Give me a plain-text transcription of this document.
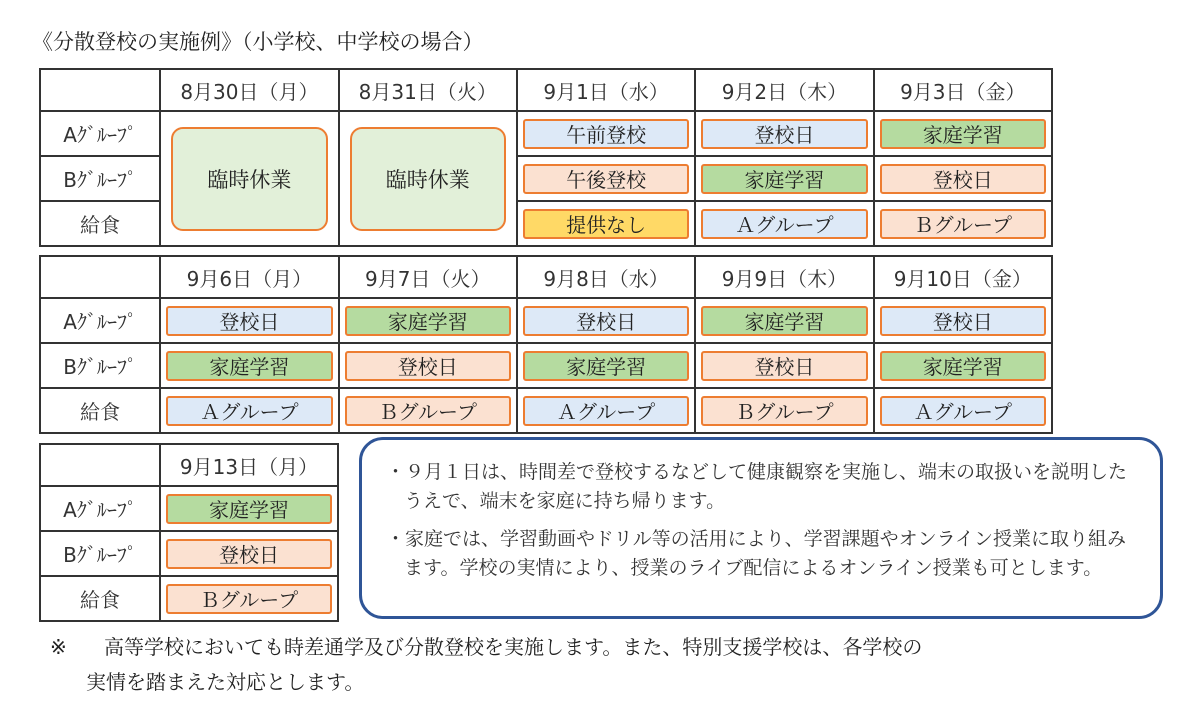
《分散登校の実施例》（小学校、中学校の場合）
	8月30日（月）	8月31日（火）	9月1日（水）	9月2日（木）	9月3日（金）
Aｸﾞﾙｰﾌﾟ	臨時休業	臨時休業	午前登校	登校日	家庭学習

Bｸﾞﾙｰﾌﾟ			午後登校	家庭学習	登校日

給食			提供なし	Ａグループ	Ｂグループ
	9月6日（月）	9月7日（火）	9月8日（水）	9月9日（木）	9月10日（金）
Aｸﾞﾙｰﾌﾟ	登校日	家庭学習	登校日	家庭学習	登校日

Bｸﾞﾙｰﾌﾟ	家庭学習	登校日	家庭学習	登校日	家庭学習

給食	Ａグループ	Ｂグループ	Ａグループ	Ｂグループ	Ａグループ
	9月13日（月）
Aｸﾞﾙｰﾌﾟ	家庭学習

Bｸﾞﾙｰﾌﾟ	登校日

給食	Ｂグループ

・９月１日は、時間差で登校するなどして健康観察を実施し、端末の取扱いを説明したうえで、端末を家庭に持ち帰ります。

・家庭では、学習動画やドリル等の活用により、学習課題やオンライン授業に取り組みます。学校の実情により、授業のライブ配信によるオンライン授業も可とします。

※ 高等学校においても時差通学及び分散登校を実施します。また、特別支援学校は、各学校の
実情を踏まえた対応とします。
